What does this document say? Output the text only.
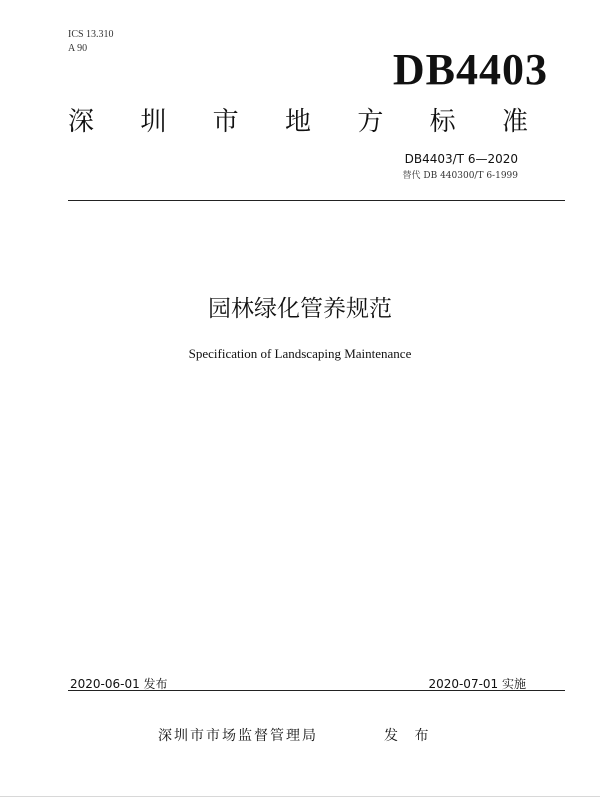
ICS 13.310
A 90	DB4403
深 圳 市 地 方 标 准
DB4403/T 6—2020
替代 DB 440300/T 6-1999
园林绿化管养规范
Specification of Landscaping Maintenance
2020-06-01 发布	2020-07-01 实施
深圳市市场监督管理局	发 布
